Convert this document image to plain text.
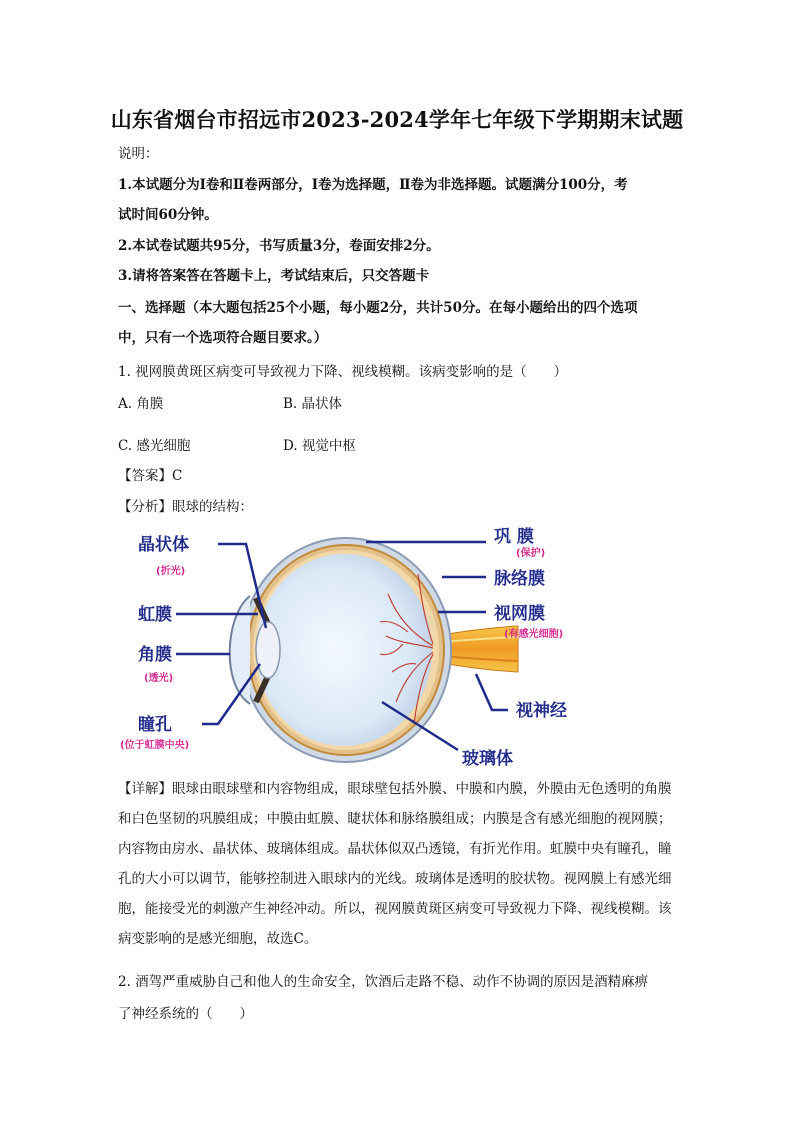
山东省烟台市招远市2023-2024学年七年级下学期期末试题
说明：
1.本试题分为Ⅰ卷和Ⅱ卷两部分，Ⅰ卷为选择题，Ⅱ卷为非选择题。试题满分100分，考
试时间60分钟。
2.本试卷试题共95分，书写质量3分，卷面安排2分。
3.请将答案答在答题卡上，考试结束后，只交答题卡
一、选择题（本大题包括25个小题，每小题2分，共计50分。在每小题给出的四个选项
中，只有一个选项符合题目要求。）
1. 视网膜黄斑区病变可导致视力下降、视线模糊。该病变影响的是（　　）
A. 角膜	B. 晶状体
C. 感光细胞	D. 视觉中枢
【答案】C
【分析】眼球的结构：
晶状体
(折光)
虹膜
角膜
(透光)
瞳孔
(位于虹膜中央)
巩 膜
(保护)
脉络膜
视网膜
(有感光细胞)
视神经
玻璃体
【详解】眼球由眼球壁和内容物组成，眼球壁包括外膜、中膜和内膜，外膜由无色透明的角膜和白色坚韧的巩膜组成；中膜由虹膜、睫状体和脉络膜组成；内膜是含有感光细胞的视网膜；内容物由房水、晶状体、玻璃体组成。晶状体似双凸透镜，有折光作用。虹膜中央有瞳孔，瞳孔的大小可以调节，能够控制进入眼球内的光线。玻璃体是透明的胶状物。视网膜上有感光细胞，能接受光的刺激产生神经冲动。所以，视网膜黄斑区病变可导致视力下降、视线模糊。该病变影响的是感光细胞，故选C。
2. 酒驾严重威胁自己和他人的生命安全，饮酒后走路不稳、动作不协调的原因是酒精麻痹
了神经系统的（　　）
